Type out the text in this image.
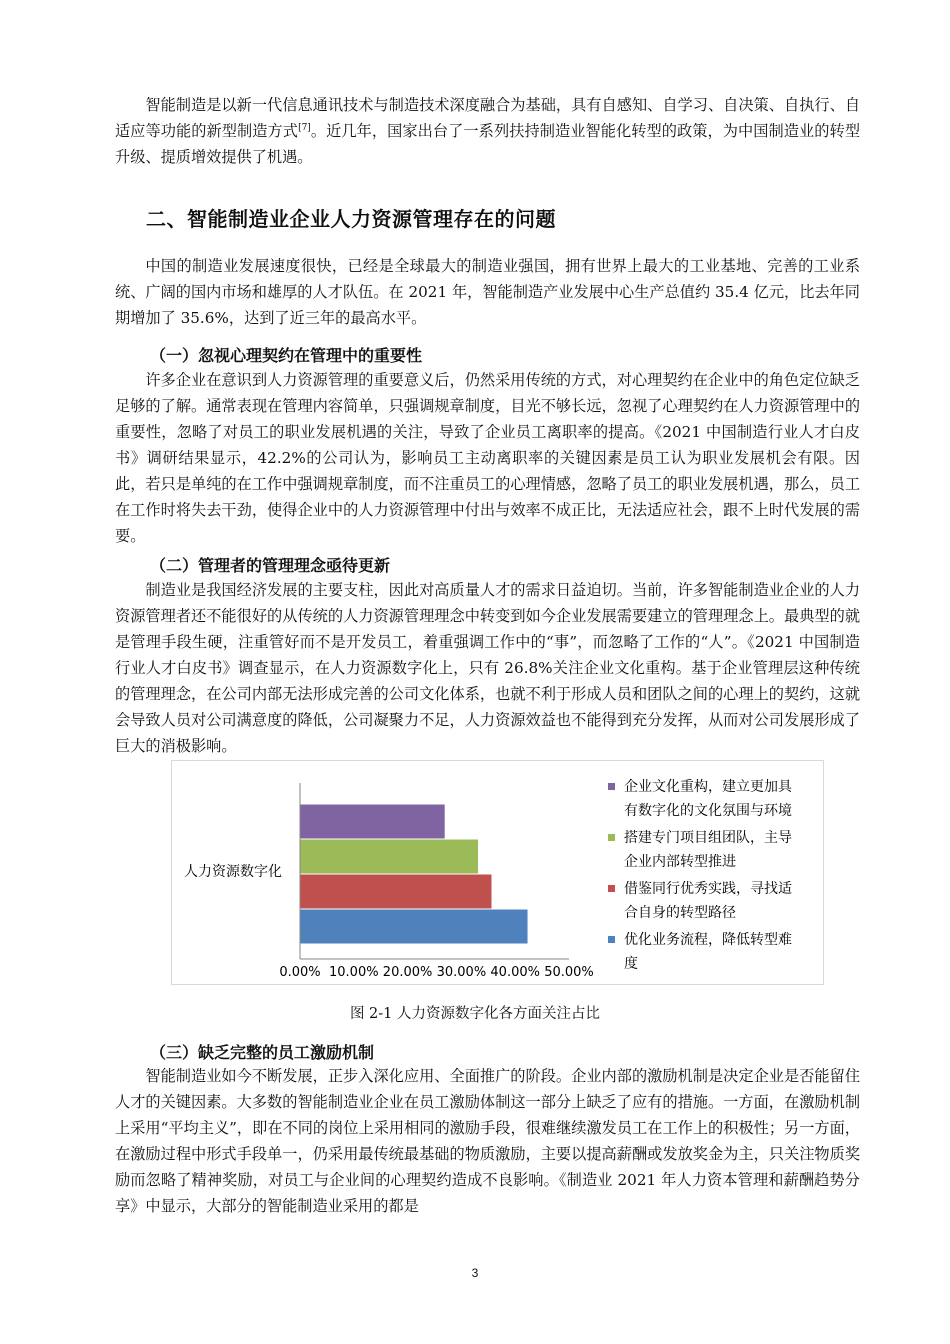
智能制造是以新一代信息通讯技术与制造技术深度融合为基础，具有自感知、自学习、自决策、自执行、自适应等功能的新型制造方式[7]。近几年，国家出台了一系列扶持制造业智能化转型的政策，为中国制造业的转型升级、提质增效提供了机遇。

二、智能制造业企业人力资源管理存在的问题

中国的制造业发展速度很快，已经是全球最大的制造业强国，拥有世界上最大的工业基地、完善的工业系统、广阔的国内市场和雄厚的人才队伍。在 2021 年，智能制造产业发展中心生产总值约 35.4 亿元，比去年同期增加了 35.6%，达到了近三年的最高水平。

（一）忽视心理契约在管理中的重要性

许多企业在意识到人力资源管理的重要意义后，仍然采用传统的方式，对心理契约在企业中的角色定位缺乏足够的了解。通常表现在管理内容简单，只强调规章制度，目光不够长远，忽视了心理契约在人力资源管理中的重要性，忽略了对员工的职业发展机遇的关注，导致了企业员工离职率的提高。《2021 中国制造行业人才白皮书》调研结果显示，42.2%的公司认为，影响员工主动离职率的关键因素是员工认为职业发展机会有限。因此，若只是单纯的在工作中强调规章制度，而不注重员工的心理情感，忽略了员工的职业发展机遇，那么，员工在工作时将失去干劲，使得企业中的人力资源管理中付出与效率不成正比，无法适应社会，跟不上时代发展的需要。

（二）管理者的管理理念亟待更新

制造业是我国经济发展的主要支柱，因此对高质量人才的需求日益迫切。当前，许多智能制造业企业的人力资源管理者还不能很好的从传统的人力资源管理理念中转变到如今企业发展需要建立的管理理念上。最典型的就是管理手段生硬，注重管好而不是开发员工，着重强调工作中的“事”，而忽略了工作的“人”。《2021 中国制造行业人才白皮书》调查显示，在人力资源数字化上，只有 26.8%关注企业文化重构。基于企业管理层这种传统的管理理念，在公司内部无法形成完善的公司文化体系，也就不利于形成人员和团队之间的心理上的契约，这就会导致人员对公司满意度的降低，公司凝聚力不足，人力资源效益也不能得到充分发挥，从而对公司发展形成了巨大的消极影响。

人力资源数字化
0.00% 10.00% 20.00% 30.00% 40.00% 50.00%
企业文化重构，建立更加具
有数字化的文化氛围与环境
搭建专门项目组团队，主导
企业内部转型推进
借鉴同行优秀实践，寻找适
合自身的转型路径
优化业务流程，降低转型难
度

图 2-1 人力资源数字化各方面关注占比

（三）缺乏完整的员工激励机制

智能制造业如今不断发展，正步入深化应用、全面推广的阶段。企业内部的激励机制是决定企业是否能留住人才的关键因素。大多数的智能制造业企业在员工激励体制这一部分上缺乏了应有的措施。一方面，在激励机制上采用“平均主义”，即在不同的岗位上采用相同的激励手段，很难继续激发员工在工作上的积极性；另一方面，在激励过程中形式手段单一，仍采用最传统最基础的物质激励，主要以提高薪酬或发放奖金为主，只关注物质奖励而忽略了精神奖励，对员工与企业间的心理契约造成不良影响。《制造业 2021 年人力资本管理和薪酬趋势分享》中显示，大部分的智能制造业采用的都是

3
